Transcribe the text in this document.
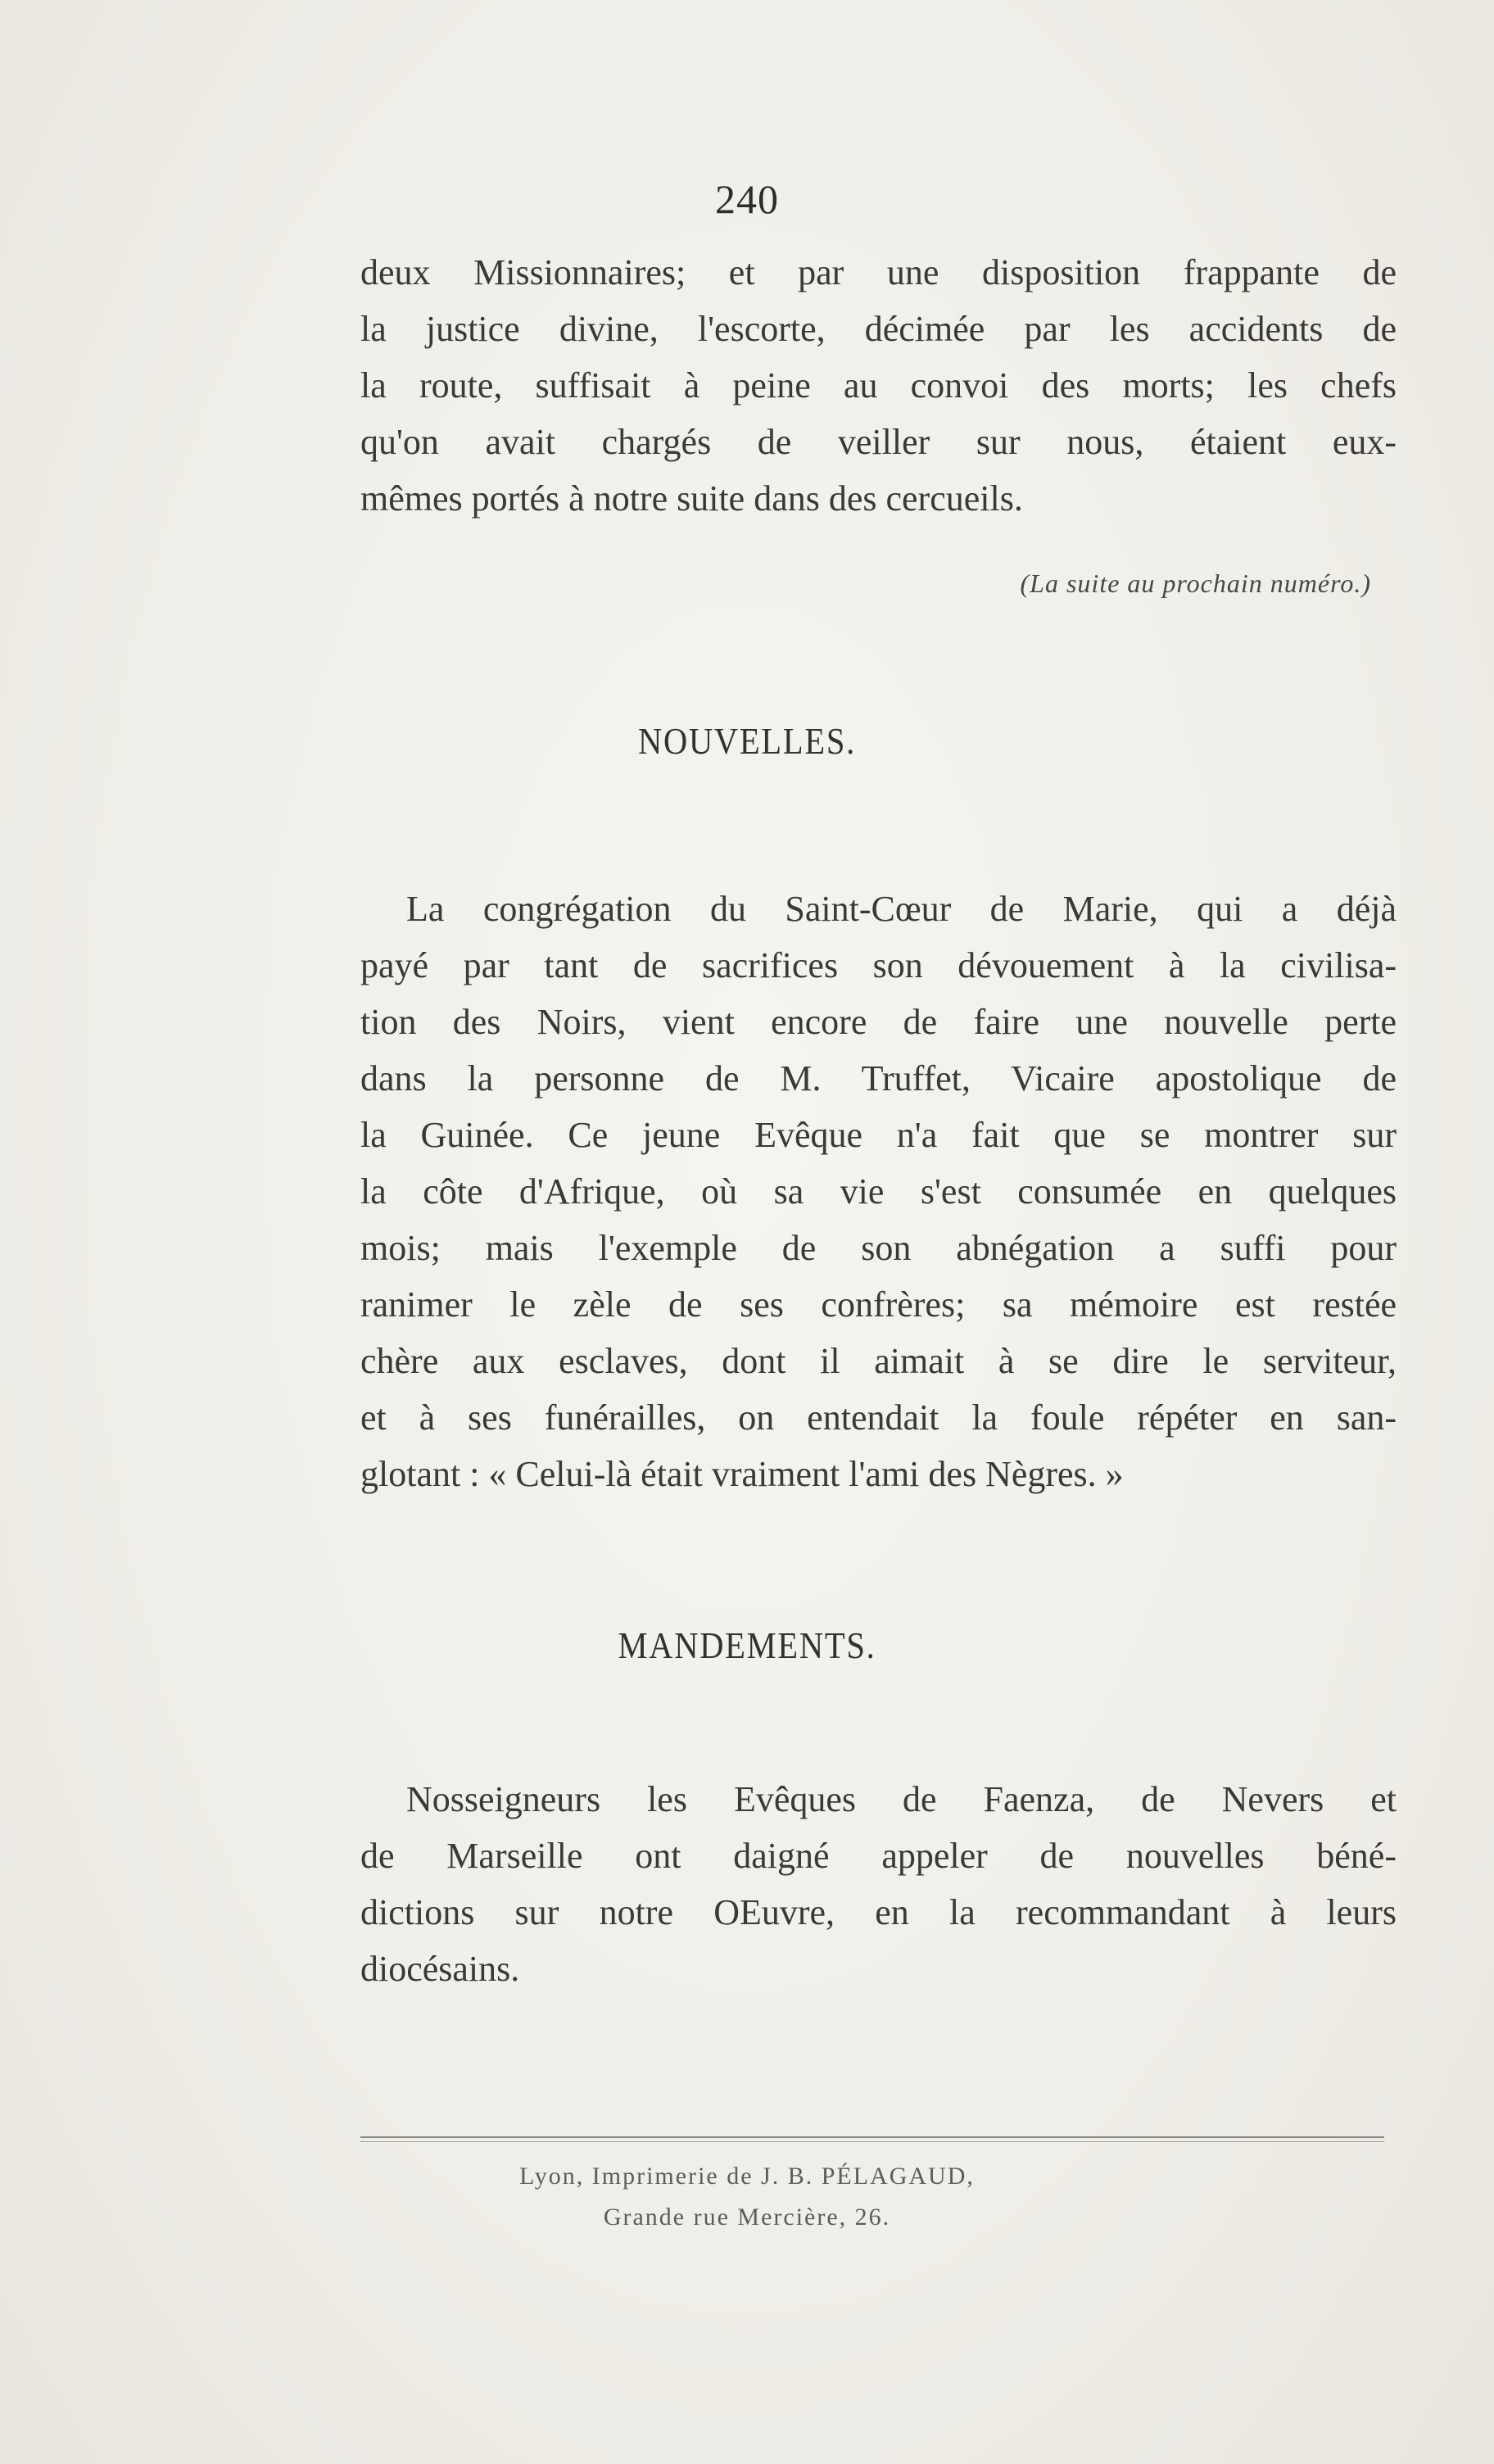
240
deux Missionnaires; et par une disposition frappante de
la justice divine, l'escorte, décimée par les accidents de
la route, suffisait à peine au convoi des morts; les chefs
qu'on avait chargés de veiller sur nous, étaient eux-
mêmes portés à notre suite dans des cercueils.
(La suite au prochain numéro.)
NOUVELLES.
La congrégation du Saint-Cœur de Marie, qui a déjà
payé par tant de sacrifices son dévouement à la civilisa-
tion des Noirs, vient encore de faire une nouvelle perte
dans la personne de M. Truffet, Vicaire apostolique de
la Guinée. Ce jeune Evêque n'a fait que se montrer sur
la côte d'Afrique, où sa vie s'est consumée en quelques
mois; mais l'exemple de son abnégation a suffi pour
ranimer le zèle de ses confrères; sa mémoire est restée
chère aux esclaves, dont il aimait à se dire le serviteur,
et à ses funérailles, on entendait la foule répéter en san-
glotant : « Celui-là était vraiment l'ami des Nègres. »
MANDEMENTS.
Nosseigneurs les Evêques de Faenza, de Nevers et
de Marseille ont daigné appeler de nouvelles béné-
dictions sur notre OEuvre, en la recommandant à leurs
diocésains.
Lyon, Imprimerie de J. B. PÉLAGAUD,
Grande rue Mercière, 26.
